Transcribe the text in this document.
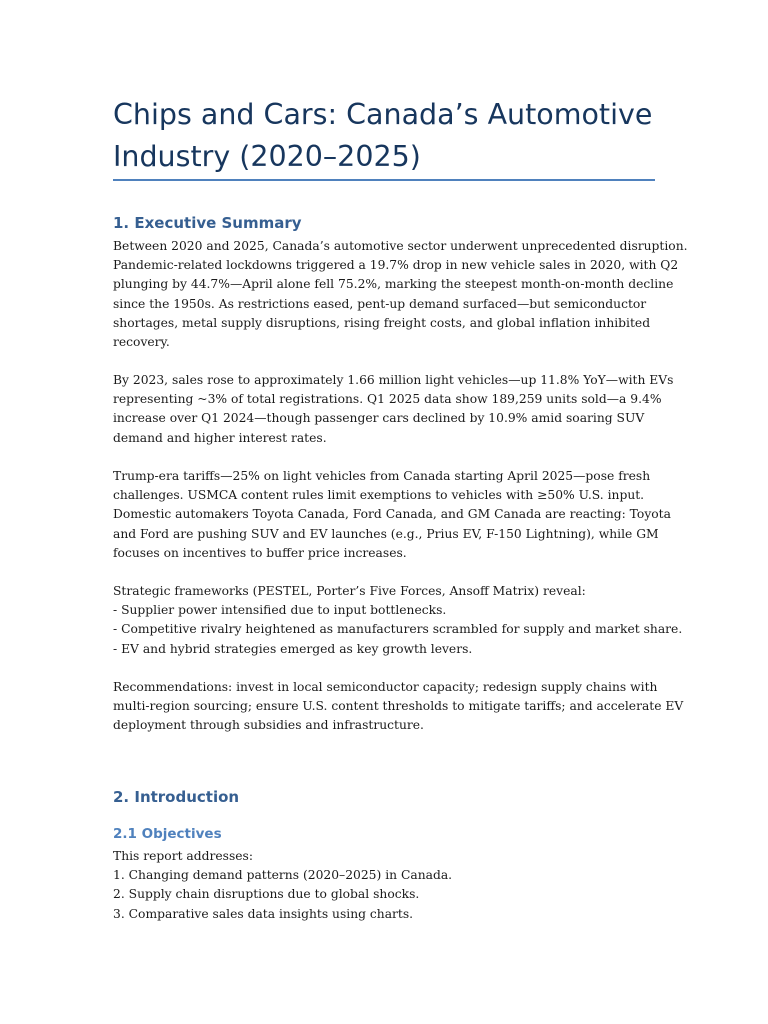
Chips and Cars: Canada’s Automotive
Industry (2020–2025)
1. Executive Summary

Between 2020 and 2025, Canada’s automotive sector underwent unprecedented disruption.
Pandemic-related lockdowns triggered a 19.7% drop in new vehicle sales in 2020, with Q2
plunging by 44.7%—April alone fell 75.2%, marking the steepest month-on-month decline
since the 1950s. As restrictions eased, pent-up demand surfaced—but semiconductor
shortages, metal supply disruptions, rising freight costs, and global inflation inhibited
recovery.

By 2023, sales rose to approximately 1.66 million light vehicles—up 11.8% YoY—with EVs
representing ~3% of total registrations. Q1 2025 data show 189,259 units sold—a 9.4%
increase over Q1 2024—though passenger cars declined by 10.9% amid soaring SUV
demand and higher interest rates.

Trump-era tariffs—25% on light vehicles from Canada starting April 2025—pose fresh
challenges. USMCA content rules limit exemptions to vehicles with ≥50% U.S. input.
Domestic automakers Toyota Canada, Ford Canada, and GM Canada are reacting: Toyota
and Ford are pushing SUV and EV launches (e.g., Prius EV, F-150 Lightning), while GM
focuses on incentives to buffer price increases.

Strategic frameworks (PESTEL, Porter’s Five Forces, Ansoff Matrix) reveal:
- Supplier power intensified due to input bottlenecks.
- Competitive rivalry heightened as manufacturers scrambled for supply and market share.
- EV and hybrid strategies emerged as key growth levers.

Recommendations: invest in local semiconductor capacity; redesign supply chains with
multi-region sourcing; ensure U.S. content thresholds to mitigate tariffs; and accelerate EV
deployment through subsidies and infrastructure.

2. Introduction
2.1 Objectives

This report addresses:
1. Changing demand patterns (2020–2025) in Canada.
2. Supply chain disruptions due to global shocks.
3. Comparative sales data insights using charts.
